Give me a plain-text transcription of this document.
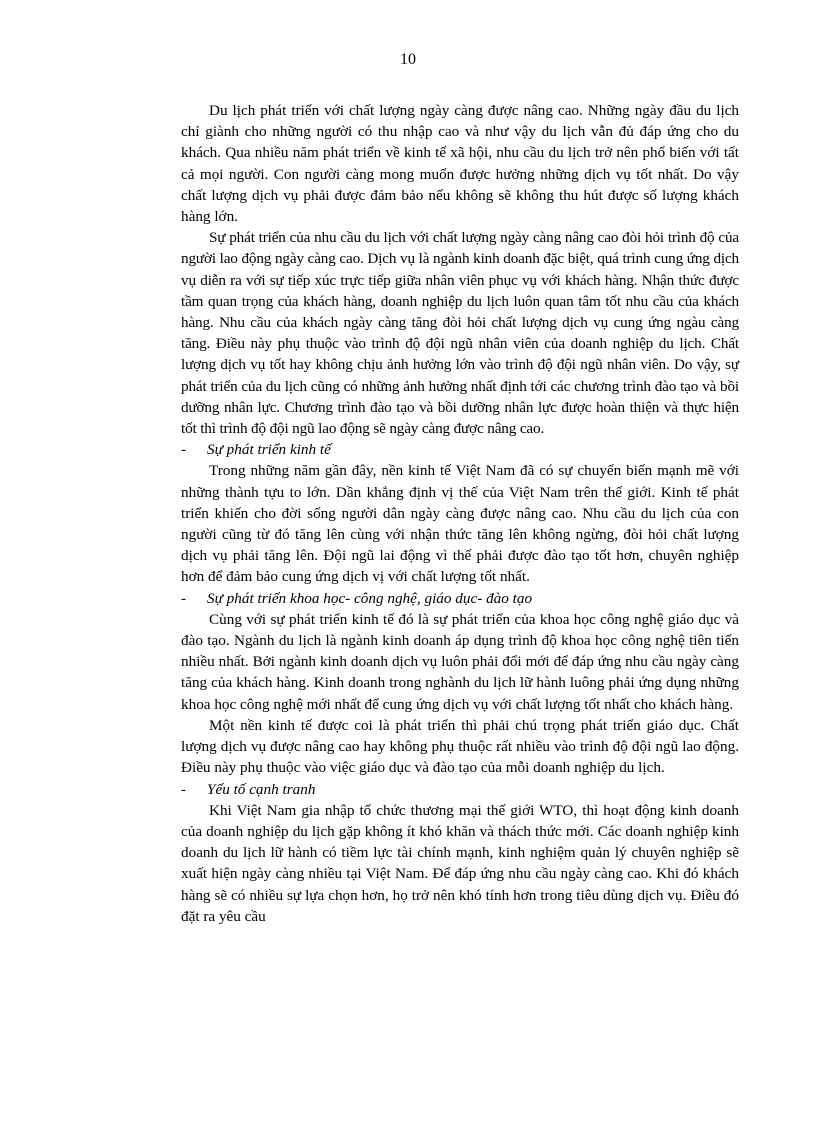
10

Du lịch phát triển với chất lượng ngày càng được nâng cao. Những ngày đầu du lịch chỉ giành cho những người có thu nhập cao và như vậy du lịch vẫn đủ đáp ứng cho du khách. Qua nhiều năm phát triển về kinh tế xã hội, nhu cầu du lịch trở nên phổ biến với tất cả mọi người. Con người càng mong muốn được hưởng những dịch vụ tốt nhất. Do vậy chất lượng dịch vụ phải được đảm bảo nếu không sẽ không thu hút được số lượng khách hàng lớn.

Sự phát triển của nhu cầu du lịch với chất lượng ngày càng nâng cao đòi hỏi trình độ của người lao động ngày càng cao. Dịch vụ là ngành kinh doanh đặc biệt, quá trình cung ứng dịch vụ diễn ra với sự tiếp xúc trực tiếp giữa nhân viên phục vụ với khách hàng. Nhận thức được tầm quan trọng của khách hàng, doanh nghiệp du lịch luôn quan tâm tốt nhu cầu của khách hàng. Nhu cầu của khách ngày càng tăng đòi hỏi chất lượng dịch vụ cung ứng ngàu càng tăng. Điều này phụ thuộc vào trình độ đội ngũ nhân viên của doanh nghiệp du lịch. Chất lượng dịch vụ tốt hay không chịu ảnh hưởng lớn vào trình độ đội ngũ nhân viên. Do vậy, sự phát triển của du lịch cũng có những ảnh hưởng nhất định tới các chương trình đào tạo và bồi dưỡng nhân lực. Chương trình đào tạo và bồi dưỡng nhân lực được hoàn thiện và thực hiện tốt thì trình độ đội ngũ lao động sẽ ngày càng được nâng cao.

-	Sự phát triển kinh tế

Trong những năm gần đây, nền kinh tế Việt Nam đã có sự chuyển biến mạnh mẽ với những thành tựu to lớn. Dần khẳng định vị thế của Việt Nam trên thế giới. Kinh tế phát triển khiến cho đời sống người dân ngày càng được nâng cao. Nhu cầu du lịch của con người cũng từ đó tăng lên cùng với nhận thức tăng lên không ngừng, đòi hỏi chất lượng dịch vụ phải tăng lên. Đội ngũ lai động vì thế phải được đào tạo tốt hơn, chuyên nghiệp hơn để đảm bảo cung ứng dịch vị với chất lượng tốt nhất.

-	Sự phát triển khoa học- công nghệ, giáo dục- đào tạo

Cùng với sự phát triển kinh tế đó là sự phát triển của khoa học công nghệ giáo dục và đào tạo. Ngành du lịch là ngành kinh doanh áp dụng trình độ khoa học công nghệ tiên tiến nhiều nhất. Bởi ngành kinh doanh dịch vụ luôn phải đổi mới để đáp ứng nhu cầu ngày càng tăng của khách hàng. Kinh doanh trong nghành du lịch lữ hành luông phải ứng dụng những khoa học công nghệ mới nhất để cung ứng dịch vụ với chất lượng tốt nhất cho khách hàng.

Một nền kinh tế được coi là phát triển thì phải chú trọng phát triển giáo dục. Chất lượng dịch vụ được nâng cao hay không phụ thuộc rất nhiều vào trình độ đội ngũ lao động. Điều này phụ thuộc vào việc giáo dục và đào tạo của mỗi doanh nghiệp du lịch.

-	Yếu tố cạnh tranh

Khi Việt Nam gia nhập tổ chức thương mại thế giới WTO, thì hoạt động kinh doanh của doanh nghiệp du lịch gặp không ít khó khăn và thách thức mới. Các doanh nghiệp kinh doanh du lịch lữ hành có tiềm lực tài chính mạnh, kinh nghiệm quản lý chuyên nghiệp sẽ xuất hiện ngày càng nhiều tại Việt Nam. Để đáp ứng nhu cầu ngày càng cao. Khi đó khách hàng sẽ có nhiều sự lựa chọn hơn, họ trở nên khó tính hơn trong tiêu dùng dịch vụ. Điều đó đặt ra yêu cầu
